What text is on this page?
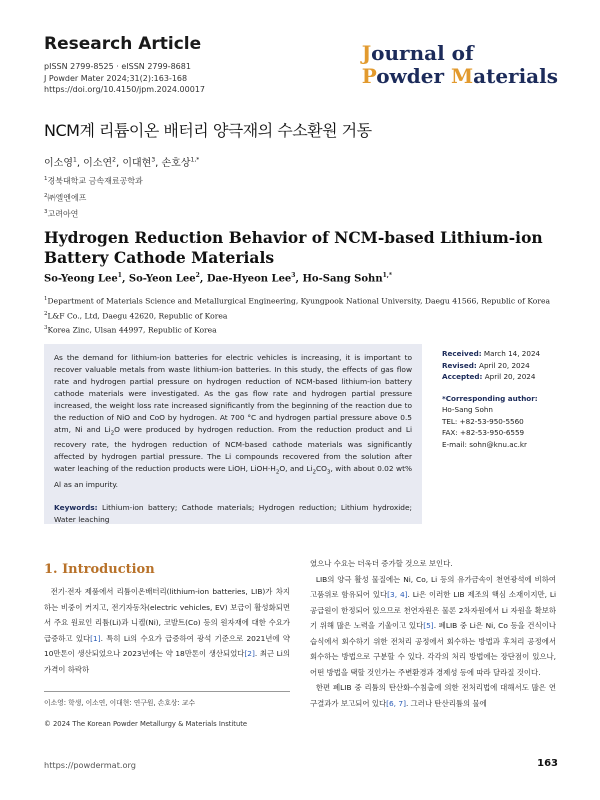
Research Article
pISSN 2799-8525 · eISSN 2799-8681
J Powder Mater 2024;31(2):163-168
https://doi.org/10.4150/jpm.2024.00017
Journal of
Powder Materials
NCM계 리튬이온 배터리 양극재의 수소환원 거동
이소영$^1$, 이소연$^2$, 이대현$^3$, 손호상$^{1,*}$
$^1$경북대학교 금속재료공학과
$^2$㈜엘엔에프
$^3$고려아연
Hydrogen Reduction Behavior of NCM-based Lithium-ion Battery Cathode Materials
So-Yeong Lee$^1$, So-Yeon Lee$^2$, Dae-Hyeon Lee$^3$, Ho-Sang Sohn$^{1,*}$
$^1$Department of Materials Science and Metallurgical Engineering, Kyungpook National University, Daegu 41566, Republic of Korea
$^2$L&F Co., Ltd, Daegu 42620, Republic of Korea
$^3$Korea Zinc, Ulsan 44997, Republic of Korea
As the demand for lithium-ion batteries for electric vehicles is increasing, it is important to recover valuable metals from waste lithium-ion batteries. In this study, the effects of gas flow rate and hydrogen partial pressure on hydrogen reduction of NCM-based lithium-ion battery cathode materials were investigated. As the gas flow rate and hydrogen partial pressure increased, the weight loss rate increased significantly from the beginning of the reaction due to the reduction of NiO and CoO by hydrogen. At 700 °C and hydrogen partial pressure above 0.5 atm, Ni and $Li_2O$ were produced by hydrogen reduction. From the reduction product and Li recovery rate, the hydrogen reduction of NCM-based cathode materials was significantly affected by hydrogen partial pressure. The Li compounds recovered from the solution after water leaching of the reduction products were LiOH, $LiOH\cdot H_2O$, and $Li_2CO_3$, with about 0.02 wt% Al as an impurity.
Keywords: Lithium-ion battery; Cathode materials; Hydrogen reduction; Lithium hydroxide; Water leaching
Received: March 14, 2024
Revised: April 20, 2024
Accepted: April 20, 2024
*Corresponding author:
Ho-Sang Sohn
TEL: +82-53-950-5560
FAX: +82-53-950-6559
E-mail: sohn@knu.ac.kr
1. Introduction
전기·전자 제품에서 리튬이온배터리(lithium-ion batteries, LIB)가 차지하는 비중이 커지고, 전기자동차(electric vehicles, EV) 보급이 활성화되면서 주요 원료인 리튬(Li)과 니켈(Ni), 코발트(Co) 등의 원자재에 대한 수요가 급증하고 있다[1]. 특히 Li의 수요가 급증하여 광석 기준으로 2021년에 약 10만톤이 생산되었으나 2023년에는 약 18만톤이 생산되었다[2]. 최근 Li의 가격이 하락하
였으나 수요는 더욱더 증가할 것으로 보인다.
LIB의 양극 활성 물질에는 Ni, Co, Li 등의 유가금속이 천연광석에 비하여 고품위로 함유되어 있다[3, 4]. Li은 이러한 LIB 제조의 핵심 소재이지만, Li 공급원이 한정되어 있으므로 천연자원은 물론 2차자원에서 Li 자원을 확보하기 위해 많은 노력을 기울이고 있다[5]. 폐LIB 중 Li은 Ni, Co 등을 건식이나 습식에서 회수하기 위한 전처리 공정에서 회수하는 방법과 후처리 공정에서 회수하는 방법으로 구분할 수 있다. 각각의 처리 방법에는 장단점이 있으나, 어떤 방법을 택할 것인가는 주변환경과 경제성 등에 따라 달라질 것이다.
한편 폐LIB 중 리튬의 탄산화-수침출에 의한 전처리법에 대해서도 많은 연구결과가 보고되어 있다[6, 7]. 그러나 탄산리튬의 물에
이소영: 학생, 이소연, 이대현: 연구원, 손호상: 교수
© 2024 The Korean Powder Metallurgy & Materials Institute
https://powdermat.org	163
